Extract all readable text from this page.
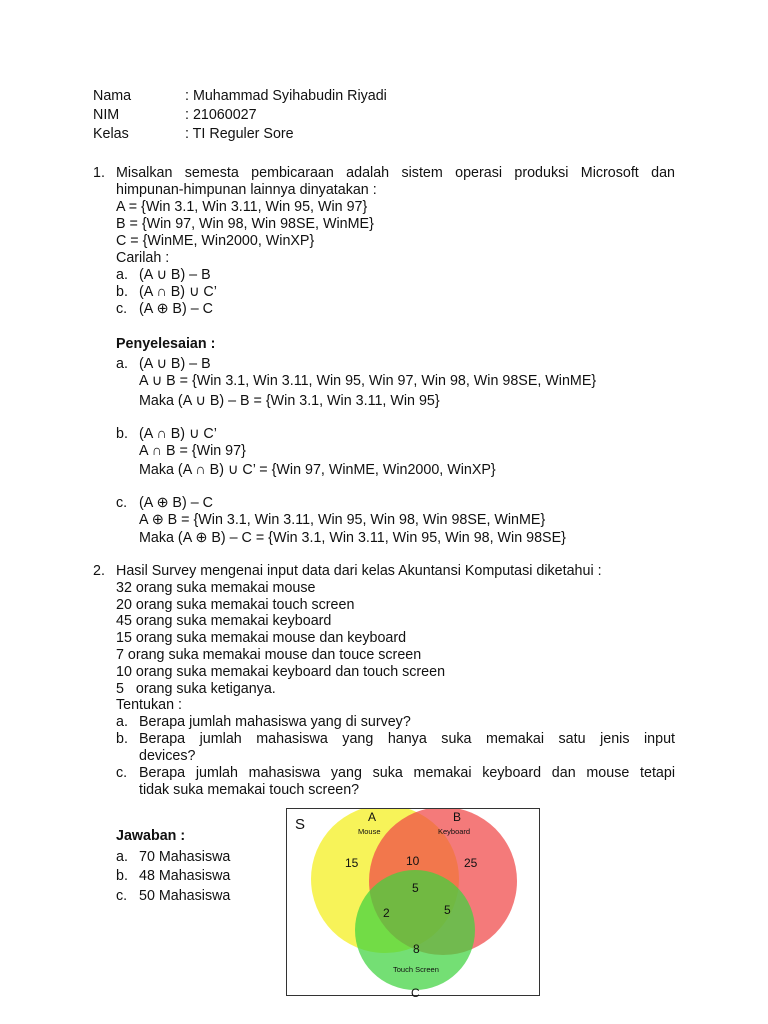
Nama	: Muhammad Syihabudin Riyadi
NIM	: 21060027
Kelas	: TI Reguler Sore
1. Misalkan semesta pembicaraan adalah sistem operasi produksi Microsoft dan
himpunan-himpunan lainnya dinyatakan :
A = {Win 3.1, Win 3.11, Win 95, Win 97}
B = {Win 97, Win 98, Win 98SE, WinME}
C = {WinME, Win2000, WinXP}
Carilah :
a. (A ∪ B) – B
b. (A ∩ B) ∪ C’
c. (A ⊕ B) – C
Penyelesaian :
a. (A ∪ B) – B
A ∪ B = {Win 3.1, Win 3.11, Win 95, Win 97, Win 98, Win 98SE, WinME}
Maka (A ∪ B) – B = {Win 3.1, Win 3.11, Win 95}
b. (A ∩ B) ∪ C’
A ∩ B = {Win 97}
Maka (A ∩ B) ∪ C’ = {Win 97, WinME, Win2000, WinXP}
c. (A ⊕ B) – C
A ⊕ B = {Win 3.1, Win 3.11, Win 95, Win 98, Win 98SE, WinME}
Maka (A ⊕ B) – C = {Win 3.1, Win 3.11, Win 95, Win 98, Win 98SE}
2. Hasil Survey mengenai input data dari kelas Akuntansi Komputasi diketahui :
32 orang suka memakai mouse
20 orang suka memakai touch screen
45 orang suka memakai keyboard
15 orang suka memakai mouse dan keyboard
7 orang suka memakai mouse dan touce screen
10 orang suka memakai keyboard dan touch screen
5   orang suka ketiganya.
Tentukan :
a. Berapa jumlah mahasiswa yang di survey?
b. Berapa jumlah mahasiswa yang hanya suka memakai satu jenis input
devices?
c. Berapa jumlah mahasiswa yang suka memakai keyboard dan mouse tetapi
tidak suka memakai touch screen?
Jawaban :
a. 70 Mahasiswa
b. 48 Mahasiswa
c. 50 Mahasiswa
S	A	B
Mouse	Keyboard
Touch Screen
15	10	25
5
2	5
8
C
